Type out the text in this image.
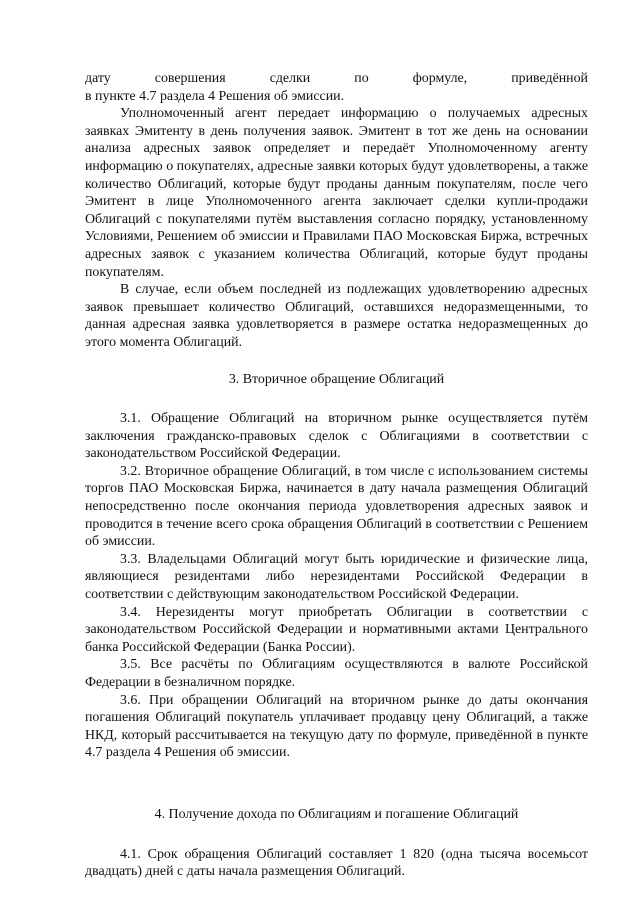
дату совершения сделки по формуле, приведённой

в пункте 4.7 раздела 4 Решения об эмиссии.

Уполномоченный агент передает информацию о получаемых адресных заявках Эмитенту в день получения заявок. Эмитент в тот же день на основании анализа адресных заявок определяет и передаёт Уполномоченному агенту информацию о покупателях, адресные заявки которых будут удовлетворены, а также количество Облигаций, которые будут проданы данным покупателям, после чего Эмитент в лице Уполномоченного агента заключает сделки купли-продажи Облигаций с покупателями путём выставления согласно порядку, установленному Условиями, Решением об эмиссии и Правилами ПАО Московская Биржа, встречных адресных заявок с указанием количества Облигаций, которые будут проданы покупателям.

В случае, если объем последней из подлежащих удовлетворению адресных заявок превышает количество Облигаций, оставшихся недоразмещенными, то данная адресная заявка удовлетворяется в размере остатка недоразмещенных до этого момента Облигаций.

3. Вторичное обращение Облигаций

3.1. Обращение Облигаций на вторичном рынке осуществляется путём заключения гражданско-правовых сделок с Облигациями в соответствии с законодательством Российской Федерации.

3.2. Вторичное обращение Облигаций, в том числе с использованием системы торгов ПАО Московская Биржа, начинается в дату начала размещения Облигаций непосредственно после окончания периода удовлетворения адресных заявок и проводится в течение всего срока обращения Облигаций в соответствии с Решением об эмиссии.

3.3. Владельцами Облигаций могут быть юридические и физические лица, являющиеся резидентами либо нерезидентами Российской Федерации в соответствии с действующим законодательством Российской Федерации.

3.4. Нерезиденты могут приобретать Облигации в соответствии с законодательством Российской Федерации и нормативными актами Центрального банка Российской Федерации (Банка России).

3.5. Все расчёты по Облигациям осуществляются в валюте Российской Федерации в безналичном порядке.

3.6. При обращении Облигаций на вторичном рынке до даты окончания погашения Облигаций покупатель уплачивает продавцу цену Облигаций, а также НКД, который рассчитывается на текущую дату по формуле, приведённой в пункте 4.7 раздела 4 Решения об эмиссии.

4. Получение дохода по Облигациям и погашение Облигаций

4.1. Срок обращения Облигаций составляет 1 820 (одна тысяча восемьсот двадцать) дней с даты начала размещения Облигаций.
